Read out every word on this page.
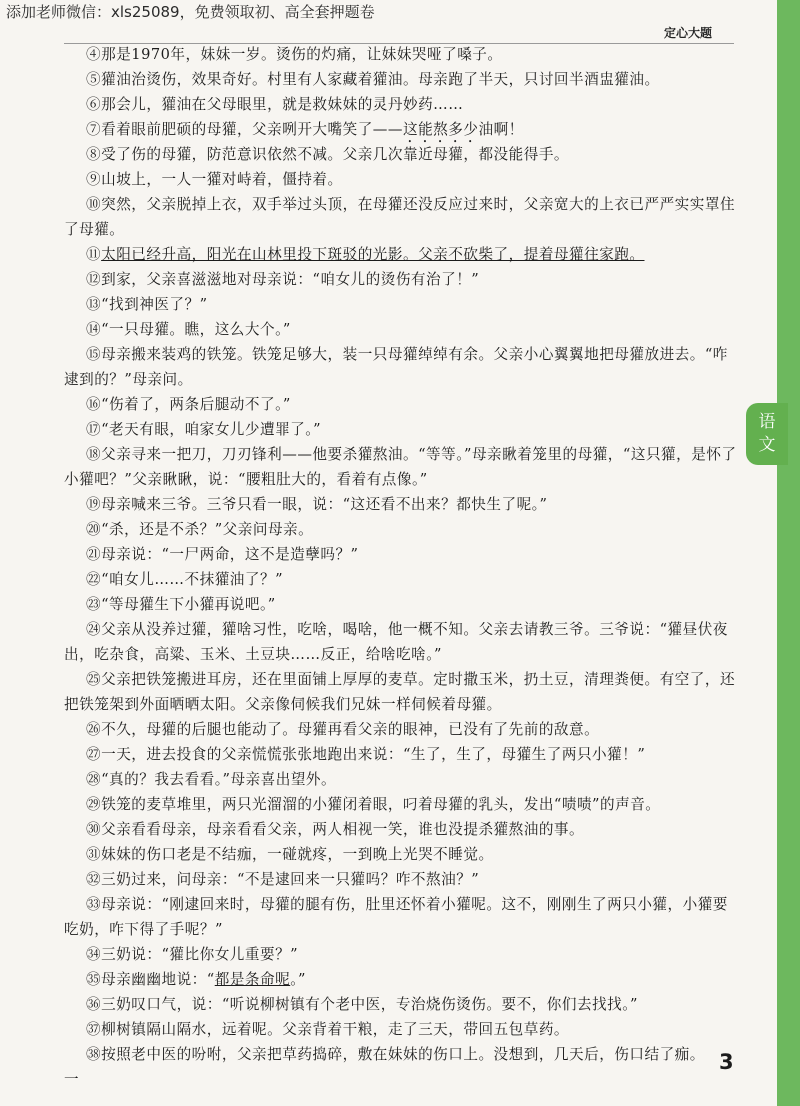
语
文
添加老师微信：xls25089，免费领取初、高全套押题卷
定心大题

④那是1970年，妹妹一岁。烫伤的灼痛，让妹妹哭哑了嗓子。

⑤獾油治烫伤，效果奇好。村里有人家藏着獾油。母亲跑了半天，只讨回半酒盅獾油。

⑥那会儿，獾油在父母眼里，就是救妹妹的灵丹妙药……

⑦看着眼前肥硕的母獾，父亲咧开大嘴笑了——这能熬多少油啊！

⑧受了伤的母獾，防范意识依然不减。父亲几次靠近母獾，都没能得手。

⑨山坡上，一人一獾对峙着，僵持着。

⑩突然，父亲脱掉上衣，双手举过头顶，在母獾还没反应过来时，父亲宽大的上衣已严严实实罩住了母獾。

⑪太阳已经升高，阳光在山林里投下斑驳的光影。父亲不砍柴了，提着母獾往家跑。

⑫到家，父亲喜滋滋地对母亲说：“咱女儿的烫伤有治了！”

⑬“找到神医了？”

⑭“一只母獾。瞧，这么大个。”

⑮母亲搬来装鸡的铁笼。铁笼足够大，装一只母獾绰绰有余。父亲小心翼翼地把母獾放进去。“咋逮到的？”母亲问。

⑯“伤着了，两条后腿动不了。”

⑰“老天有眼，咱家女儿少遭罪了。”

⑱父亲寻来一把刀，刀刃锋利——他要杀獾熬油。“等等。”母亲瞅着笼里的母獾，“这只獾，是怀了小獾吧？”父亲瞅瞅，说：“腰粗肚大的，看着有点像。”

⑲母亲喊来三爷。三爷只看一眼，说：“这还看不出来？都快生了呢。”

⑳“杀，还是不杀？”父亲问母亲。

㉑母亲说：“一尸两命，这不是造孽吗？”

㉒“咱女儿……不抹獾油了？”

㉓“等母獾生下小獾再说吧。”

㉔父亲从没养过獾，獾啥习性，吃啥，喝啥，他一概不知。父亲去请教三爷。三爷说：“獾昼伏夜出，吃杂食，高粱、玉米、土豆块……反正，给啥吃啥。”

㉕父亲把铁笼搬进耳房，还在里面铺上厚厚的麦草。定时撒玉米，扔土豆，清理粪便。有空了，还把铁笼架到外面晒晒太阳。父亲像伺候我们兄妹一样伺候着母獾。

㉖不久，母獾的后腿也能动了。母獾再看父亲的眼神，已没有了先前的敌意。

㉗一天，进去投食的父亲慌慌张张地跑出来说：“生了，生了，母獾生了两只小獾！”

㉘“真的？我去看看。”母亲喜出望外。

㉙铁笼的麦草堆里，两只光溜溜的小獾闭着眼，叼着母獾的乳头，发出“啧啧”的声音。

㉚父亲看看母亲，母亲看看父亲，两人相视一笑，谁也没提杀獾熬油的事。

㉛妹妹的伤口老是不结痂，一碰就疼，一到晚上光哭不睡觉。

㉜三奶过来，问母亲：“不是逮回来一只獾吗？咋不熬油？”

㉝母亲说：“刚逮回来时，母獾的腿有伤，肚里还怀着小獾呢。这不，刚刚生了两只小獾，小獾要吃奶，咋下得了手呢？”

㉞三奶说：“獾比你女儿重要？”

㉟母亲幽幽地说：“都是条命呢。”

㊱三奶叹口气，说：“听说柳树镇有个老中医，专治烧伤烫伤。要不，你们去找找。”

㊲柳树镇隔山隔水，远着呢。父亲背着干粮，走了三天，带回五包草药。

㊳按照老中医的吩咐，父亲把草药捣碎，敷在妹妹的伤口上。没想到，几天后，伤口结了痂。一

3
